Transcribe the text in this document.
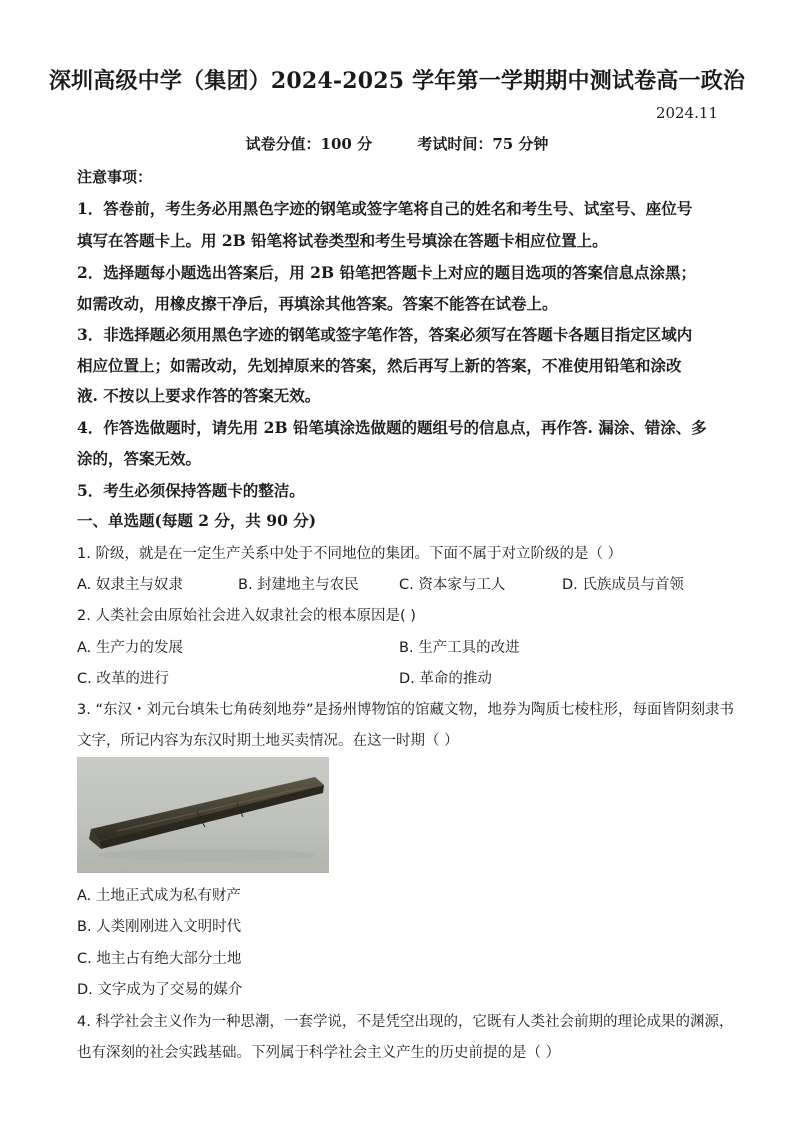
深圳高级中学（集团）2024-2025 学年第一学期期中测试卷高一政治
2024.11
试卷分值：100 分	考试时间：75 分钟
注意事项：
1．答卷前，考生务必用黑色字迹的钢笔或签字笔将自己的姓名和考生号、试室号、座位号
填写在答题卡上。用 2B 铅笔将试卷类型和考生号填涂在答题卡相应位置上。
2．选择题每小题选出答案后，用 2B 铅笔把答题卡上对应的题目选项的答案信息点涂黑；
如需改动，用橡皮擦干净后，再填涂其他答案。答案不能答在试卷上。
3．非选择题必须用黑色字迹的钢笔或签字笔作答，答案必须写在答题卡各题目指定区域内
相应位置上；如需改动，先划掉原来的答案，然后再写上新的答案，不准使用铅笔和涂改
液. 不按以上要求作答的答案无效。
4．作答选做题时，请先用 2B 铅笔填涂选做题的题组号的信息点，再作答. 漏涂、错涂、多
涂的，答案无效。
5．考生必须保持答题卡的整洁。
一、单选题(每题 2 分，共 90 分)
1. 阶级，就是在一定生产关系中处于不同地位的集团。下面不属于对立阶级的是（ ）
A. 奴隶主与奴隶	B. 封建地主与农民	C. 资本家与工人	D. 氏族成员与首领
2. 人类社会由原始社会进入奴隶社会的根本原因是( )
A. 生产力的发展	B. 生产工具的改进
C. 改革的进行	D. 革命的推动
3. “东汉・刘元台填朱七角砖刻地券”是扬州博物馆的馆藏文物，地券为陶质七棱柱形，每面皆阴刻隶书
文字，所记内容为东汉时期土地买卖情况。在这一时期（ ）
A. 土地正式成为私有财产
B. 人类刚刚进入文明时代
C. 地主占有绝大部分土地
D. 文字成为了交易的媒介
4. 科学社会主义作为一种思潮，一套学说，不是凭空出现的，它既有人类社会前期的理论成果的渊源，
也有深刻的社会实践基础。下列属于科学社会主义产生的历史前提的是（ ）
